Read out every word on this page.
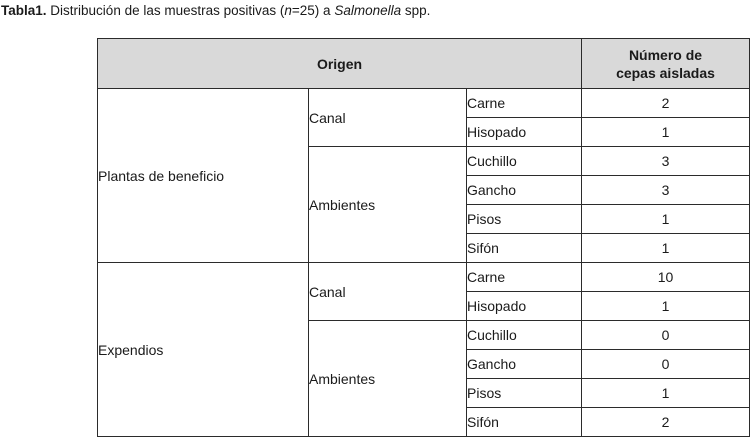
Tabla1. Distribución de las muestras positivas (n=25) a Salmonella spp.
Origen			Número de
cepas aisladas
Plantas de beneficio	Canal	Carne	2
		Hisopado	1
	Ambientes	Cuchillo	3
		Gancho	3
		Pisos	1
		Sifón	1
Expendios	Canal	Carne	10
		Hisopado	1
	Ambientes	Cuchillo	0
		Gancho	0
		Pisos	1
		Sifón	2
